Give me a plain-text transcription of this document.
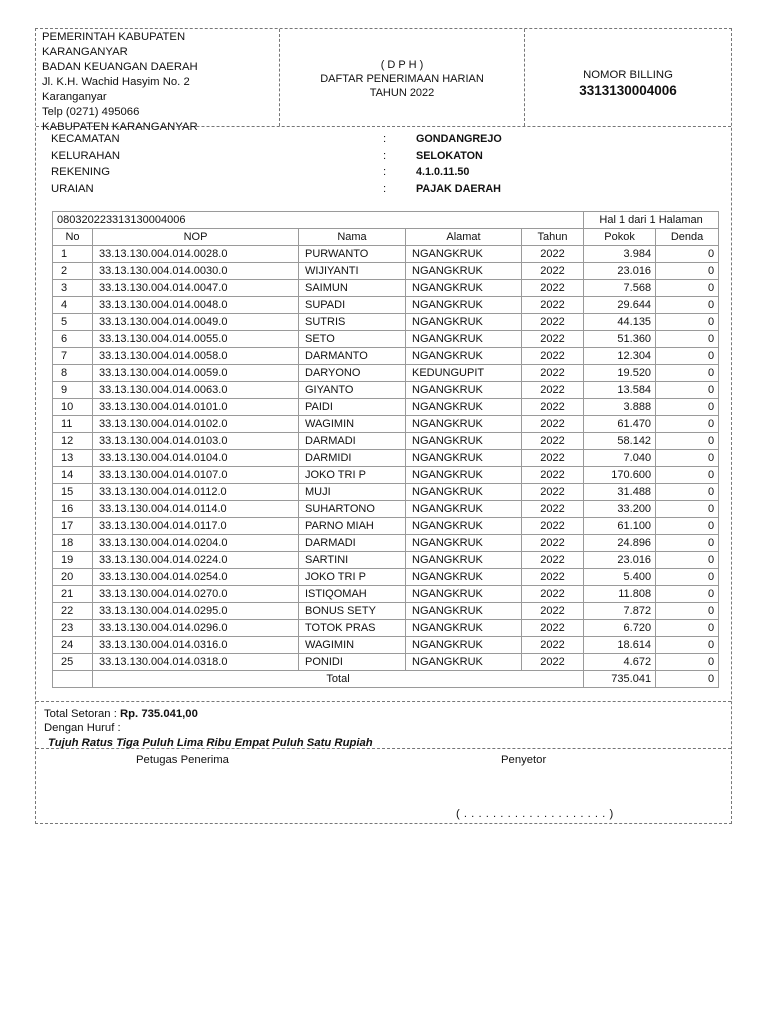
PEMERINTAH KABUPATEN
KARANGANYAR
BADAN KEUANGAN DAERAH
Jl. K.H. Wachid Hasyim No. 2
Karanganyar
Telp (0271) 495066
KABUPATEN KARANGANYAR
( D P H )
DAFTAR PENERIMAAN HARIAN
TAHUN 2022
NOMOR BILLING
3313130004006
KECAMATAN	:	GONDANGREJO
KELURAHAN	:	SELOKATON
REKENING	:	4.1.0.11.50
URAIAN	:	PAJAK DAERAH
080320223313130004006					Hal 1 dari 1 Halaman	
No	NOP	Nama	Alamat	Tahun	Pokok	Denda
1	33.13.130.004.014.0028.0	PURWANTO	NGANGKRUK	2022	3.984	0
2	33.13.130.004.014.0030.0	WIJIYANTI	NGANGKRUK	2022	23.016	0
3	33.13.130.004.014.0047.0	SAIMUN	NGANGKRUK	2022	7.568	0
4	33.13.130.004.014.0048.0	SUPADI	NGANGKRUK	2022	29.644	0
5	33.13.130.004.014.0049.0	SUTRIS	NGANGKRUK	2022	44.135	0
6	33.13.130.004.014.0055.0	SETO	NGANGKRUK	2022	51.360	0
7	33.13.130.004.014.0058.0	DARMANTO	NGANGKRUK	2022	12.304	0
8	33.13.130.004.014.0059.0	DARYONO	KEDUNGUPIT	2022	19.520	0
9	33.13.130.004.014.0063.0	GIYANTO	NGANGKRUK	2022	13.584	0
10	33.13.130.004.014.0101.0	PAIDI	NGANGKRUK	2022	3.888	0
11	33.13.130.004.014.0102.0	WAGIMIN	NGANGKRUK	2022	61.470	0
12	33.13.130.004.014.0103.0	DARMADI	NGANGKRUK	2022	58.142	0
13	33.13.130.004.014.0104.0	DARMIDI	NGANGKRUK	2022	7.040	0
14	33.13.130.004.014.0107.0	JOKO TRI P	NGANGKRUK	2022	170.600	0
15	33.13.130.004.014.0112.0	MUJI	NGANGKRUK	2022	31.488	0
16	33.13.130.004.014.0114.0	SUHARTONO	NGANGKRUK	2022	33.200	0
17	33.13.130.004.014.0117.0	PARNO MIAH	NGANGKRUK	2022	61.100	0
18	33.13.130.004.014.0204.0	DARMADI	NGANGKRUK	2022	24.896	0
19	33.13.130.004.014.0224.0	SARTINI	NGANGKRUK	2022	23.016	0
20	33.13.130.004.014.0254.0	JOKO TRI P	NGANGKRUK	2022	5.400	0
21	33.13.130.004.014.0270.0	ISTIQOMAH	NGANGKRUK	2022	11.808	0
22	33.13.130.004.014.0295.0	BONUS SETY	NGANGKRUK	2022	7.872	0
23	33.13.130.004.014.0296.0	TOTOK PRAS	NGANGKRUK	2022	6.720	0
24	33.13.130.004.014.0316.0	WAGIMIN	NGANGKRUK	2022	18.614	0
25	33.13.130.004.014.0318.0	PONIDI	NGANGKRUK	2022	4.672	0
	Total				735.041	0
Total Setoran : Rp. 735.041,00
Dengan Huruf :
Tujuh Ratus Tiga Puluh Lima Ribu Empat Puluh Satu Rupiah
Petugas Penerima	Penyetor
( . . . . . . . . . . . . . . . . . . . . )
